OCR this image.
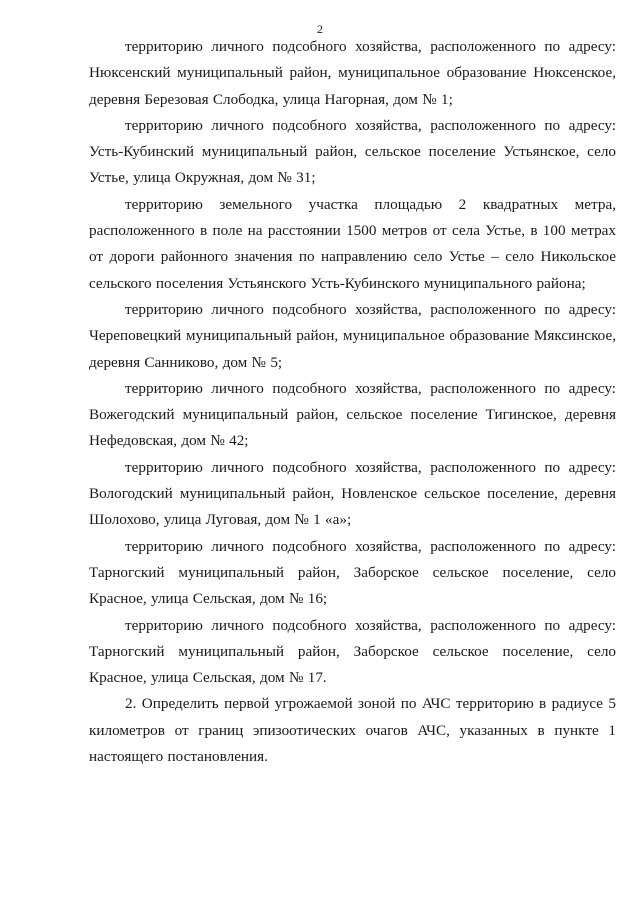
2

территорию личного подсобного хозяйства, расположенного по адресу: Нюксенский муниципальный район, муниципальное образование Нюксенское, деревня Березовая Слободка, улица Нагорная, дом № 1;

территорию личного подсобного хозяйства, расположенного по адресу: Усть-Кубинский муниципальный район, сельское поселение Устьянское, село Устье, улица Окружная, дом № 31;

территорию земельного участка площадью 2 квадратных метра, расположенного в поле на расстоянии 1500 метров от села Устье, в 100 метрах от дороги районного значения по направлению село Устье – село Никольское сельского поселения Устьянского Усть-Кубинского муниципального района;

территорию личного подсобного хозяйства, расположенного по адресу: Череповецкий муниципальный район, муниципальное образование Мяксинское, деревня Санниково, дом № 5;

территорию личного подсобного хозяйства, расположенного по адресу: Вожегодский муниципальный район, сельское поселение Тигинское, деревня Нефедовская, дом № 42;

территорию личного подсобного хозяйства, расположенного по адресу: Вологодский муниципальный район, Новленское сельское поселение, деревня Шолохово, улица Луговая, дом № 1 «а»;

территорию личного подсобного хозяйства, расположенного по адресу: Тарногский муниципальный район, Заборское сельское поселение, село Красное, улица Сельская, дом № 16;

территорию личного подсобного хозяйства, расположенного по адресу: Тарногский муниципальный район, Заборское сельское поселение, село Красное, улица Сельская, дом № 17.

2. Определить первой угрожаемой зоной по АЧС территорию в радиусе 5 километров от границ эпизоотических очагов АЧС, указанных в пункте 1 настоящего постановления.
